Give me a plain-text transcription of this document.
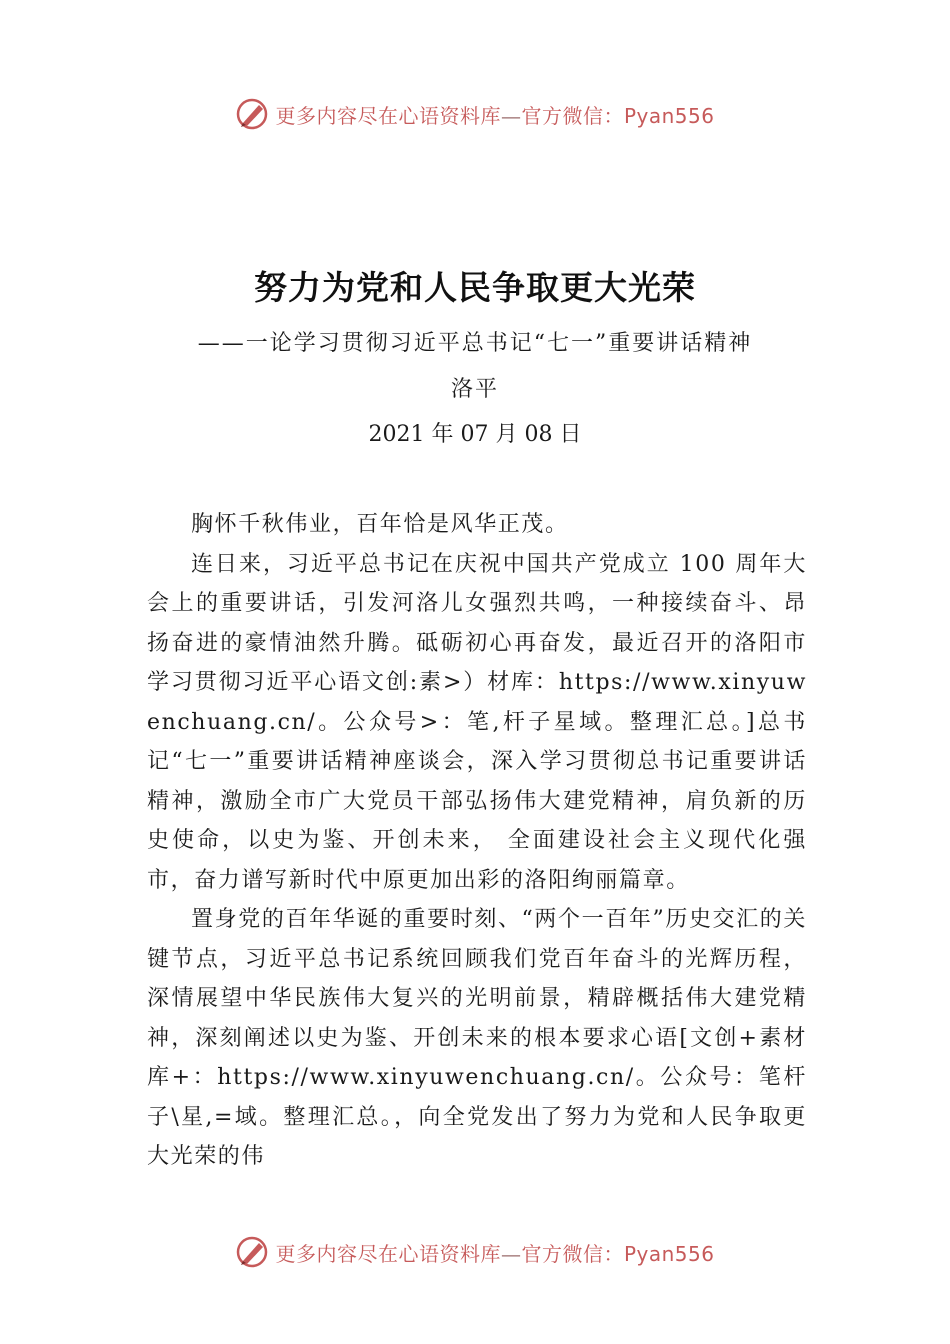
更多内容尽在心语资料库—官方微信：Pyan556
努力为党和人民争取更大光荣
——一论学习贯彻习近平总书记“七一”重要讲话精神
洛平
2021 年 07 月 08 日

胸怀千秋伟业，百年恰是风华正茂。

连日来，习近平总书记在庆祝中国共产党成立 100 周年大会上的重要讲话，引发河洛儿女强烈共鸣，一种接续奋斗、昂扬奋进的豪情油然升腾。砥砺初心再奋发，最近召开的洛阳市学习贯彻习近平心语文创:素>）材库：https://www.xinyuwenchuang.cn/。公众号>：笔,杆子星域。整理汇总。]总书记“七一”重要讲话精神座谈会，深入学习贯彻总书记重要讲话精神，激励全市广大党员干部弘扬伟大建党精神，肩负新的历史使命，以史为鉴、开创未来， 全面建设社会主义现代化强市，奋力谱写新时代中原更加出彩的洛阳绚丽篇章。

置身党的百年华诞的重要时刻、“两个一百年”历史交汇的关键节点，习近平总书记系统回顾我们党百年奋斗的光辉历程，深情展望中华民族伟大复兴的光明前景，精辟概括伟大建党精神，深刻阐述以史为鉴、开创未来的根本要求心语[文创+素材库+：https://www.xinyuwenchuang.cn/。公众号：笔杆子\星,=域。整理汇总。，向全党发出了努力为党和人民争取更大光荣的伟

更多内容尽在心语资料库—官方微信：Pyan556
